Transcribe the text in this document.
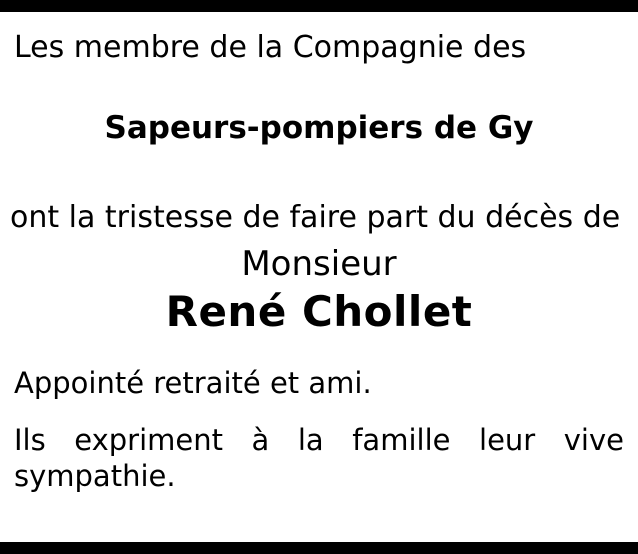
Les membre de la Compagnie des
Sapeurs-pompiers de Gy
ont la tristesse de faire part du décès de
Monsieur
René Chollet
Appointé retraité et ami.
Ils expriment à la famille leur vive
sympathie.
